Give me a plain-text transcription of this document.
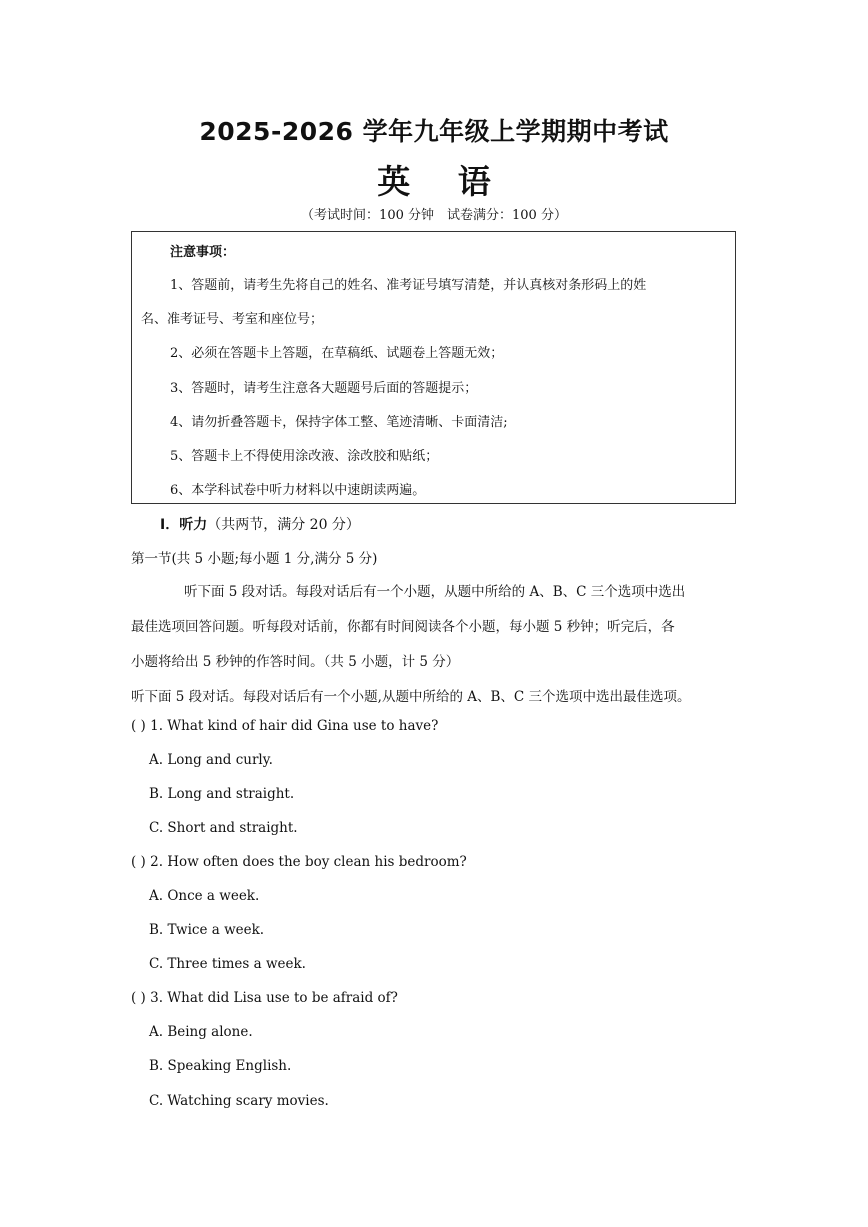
2025-2026 学年九年级上学期期中考试
英 语
（考试时间：100 分钟　试卷满分：100 分）
注意事项：
1、答题前，请考生先将自己的姓名、准考证号填写清楚，并认真核对条形码上的姓
名、准考证号、考室和座位号；
2、必须在答题卡上答题，在草稿纸、试题卷上答题无效；
3、答题时，请考生注意各大题题号后面的答题提示；
4、请勿折叠答题卡，保持字体工整、笔迹清晰、卡面清洁;
5、答题卡上不得使用涂改液、涂改胶和贴纸；
6、本学科试卷中听力材料以中速朗读两遍。
I．听力（共两节，满分 20 分）
第一节(共 5 小题;每小题 1 分,满分 5 分)
听下面 5 段对话。每段对话后有一个小题，从题中所给的 A、B、C 三个选项中选出
最佳选项回答问题。听每段对话前，你都有时间阅读各个小题，每小题 5 秒钟；听完后，各
小题将给出 5 秒钟的作答时间。（共 5 小题，计 5 分）
听下面 5 段对话。每段对话后有一个小题,从题中所给的 A、B、C 三个选项中选出最佳选项。
( ) 1. What kind of hair did Gina use to have?
A. Long and curly.
B. Long and straight.
C. Short and straight.
( ) 2. How often does the boy clean his bedroom?
A. Once a week.
B. Twice a week.
C. Three times a week.
( ) 3. What did Lisa use to be afraid of?
A. Being alone.
B. Speaking English.
C. Watching scary movies.
